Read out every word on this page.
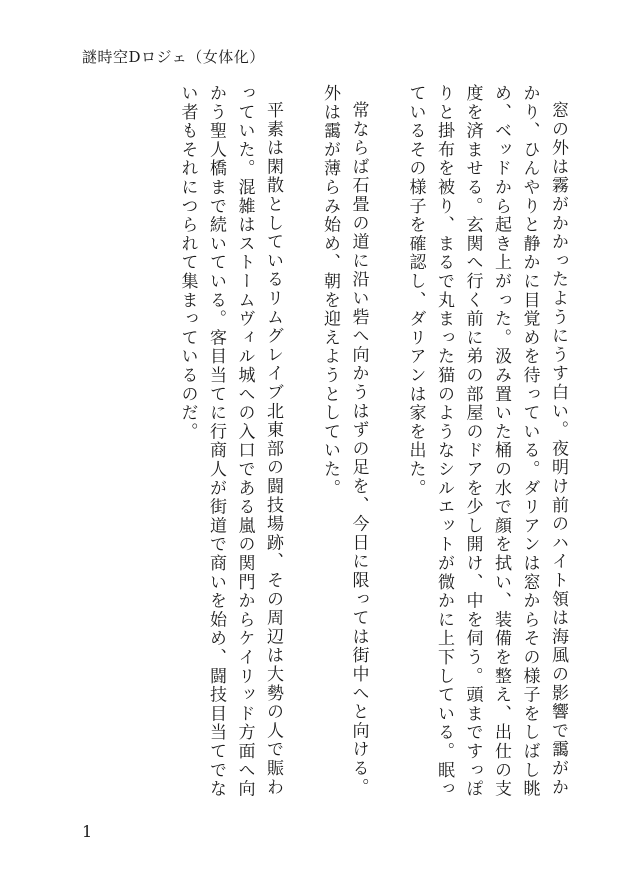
謎時空Dロジェ（女体化）

窓の外は霧がかかったようにうす白い。夜明け前のハイト領は海風の影響で靄がかかり、ひんやりと静かに目覚めを待っている。ダリアンは窓からその様子をしばし眺め、ベッドから起き上がった。汲み置いた桶の水で顔を拭い、装備を整え、出仕の支度を済ませる。玄関へ行く前に弟の部屋のドアを少し開け、中を伺う。頭まですっぽりと掛布を被り、まるで丸まった猫のようなシルエットが微かに上下している。眠っているその様子を確認し、ダリアンは家を出た。

常ならば石畳の道に沿い砦へ向かうはずの足を、今日に限っては街中へと向ける。外は靄が薄らみ始め、朝を迎えようとしていた。

平素は閑散としているリムグレイブ北東部の闘技場跡、その周辺は大勢の人で賑わっていた。混雑はストームヴィル城への入口である嵐の関門からケイリッド方面へ向かう聖人橋まで続いている。客目当てに行商人が街道で商いを始め、闘技目当てでない者もそれにつられて集まっているのだ。

1
